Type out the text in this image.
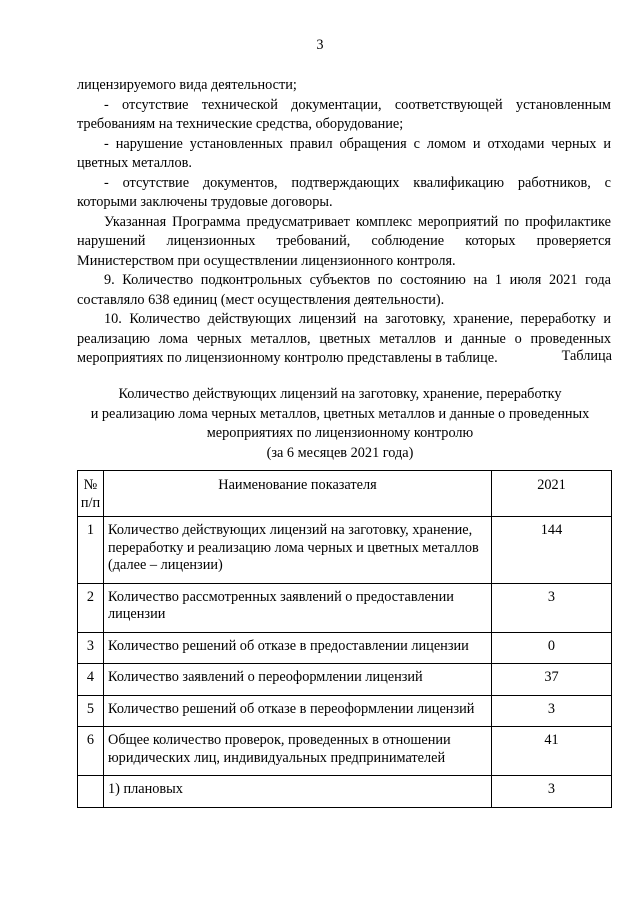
3

лицензируемого вида деятельности;

- отсутствие технической документации, соответствующей установленным требованиям на технические средства, оборудование;

- нарушение установленных правил обращения с ломом и отходами черных и цветных металлов.

- отсутствие документов, подтверждающих квалификацию работников, с которыми заключены трудовые договоры.

Указанная Программа предусматривает комплекс мероприятий по профилактике нарушений лицензионных требований, соблюдение которых проверяется Министерством при осуществлении лицензионного контроля.

9. Количество подконтрольных субъектов по состоянию на 1 июля 2021 года составляло 638 единиц (мест осуществления деятельности).

10. Количество действующих лицензий на заготовку, хранение, переработку и реализацию лома черных металлов, цветных металлов и данные о проведенных мероприятиях по лицензионному контролю представлены в таблице.	Таблица
Количество действующих лицензий на заготовку, хранение, переработку
и реализацию лома черных металлов, цветных металлов и данные о проведенных
мероприятиях по лицензионному контролю
(за 6 месяцев 2021 года)
№
п/п	Наименование показателя	2021
1	Количество действующих лицензий на заготовку, хранение, переработку и реализацию лома черных и цветных металлов (далее – лицензии)	144
2	Количество рассмотренных заявлений о предоставлении лицензии	3
3	Количество решений об отказе в предоставлении лицензии	0
4	Количество заявлений о переоформлении лицензий	37
5	Количество решений об отказе в переоформлении лицензий	3
6	Общее количество проверок, проведенных в отношении юридических лиц, индивидуальных предпринимателей	41
	1) плановых	3
